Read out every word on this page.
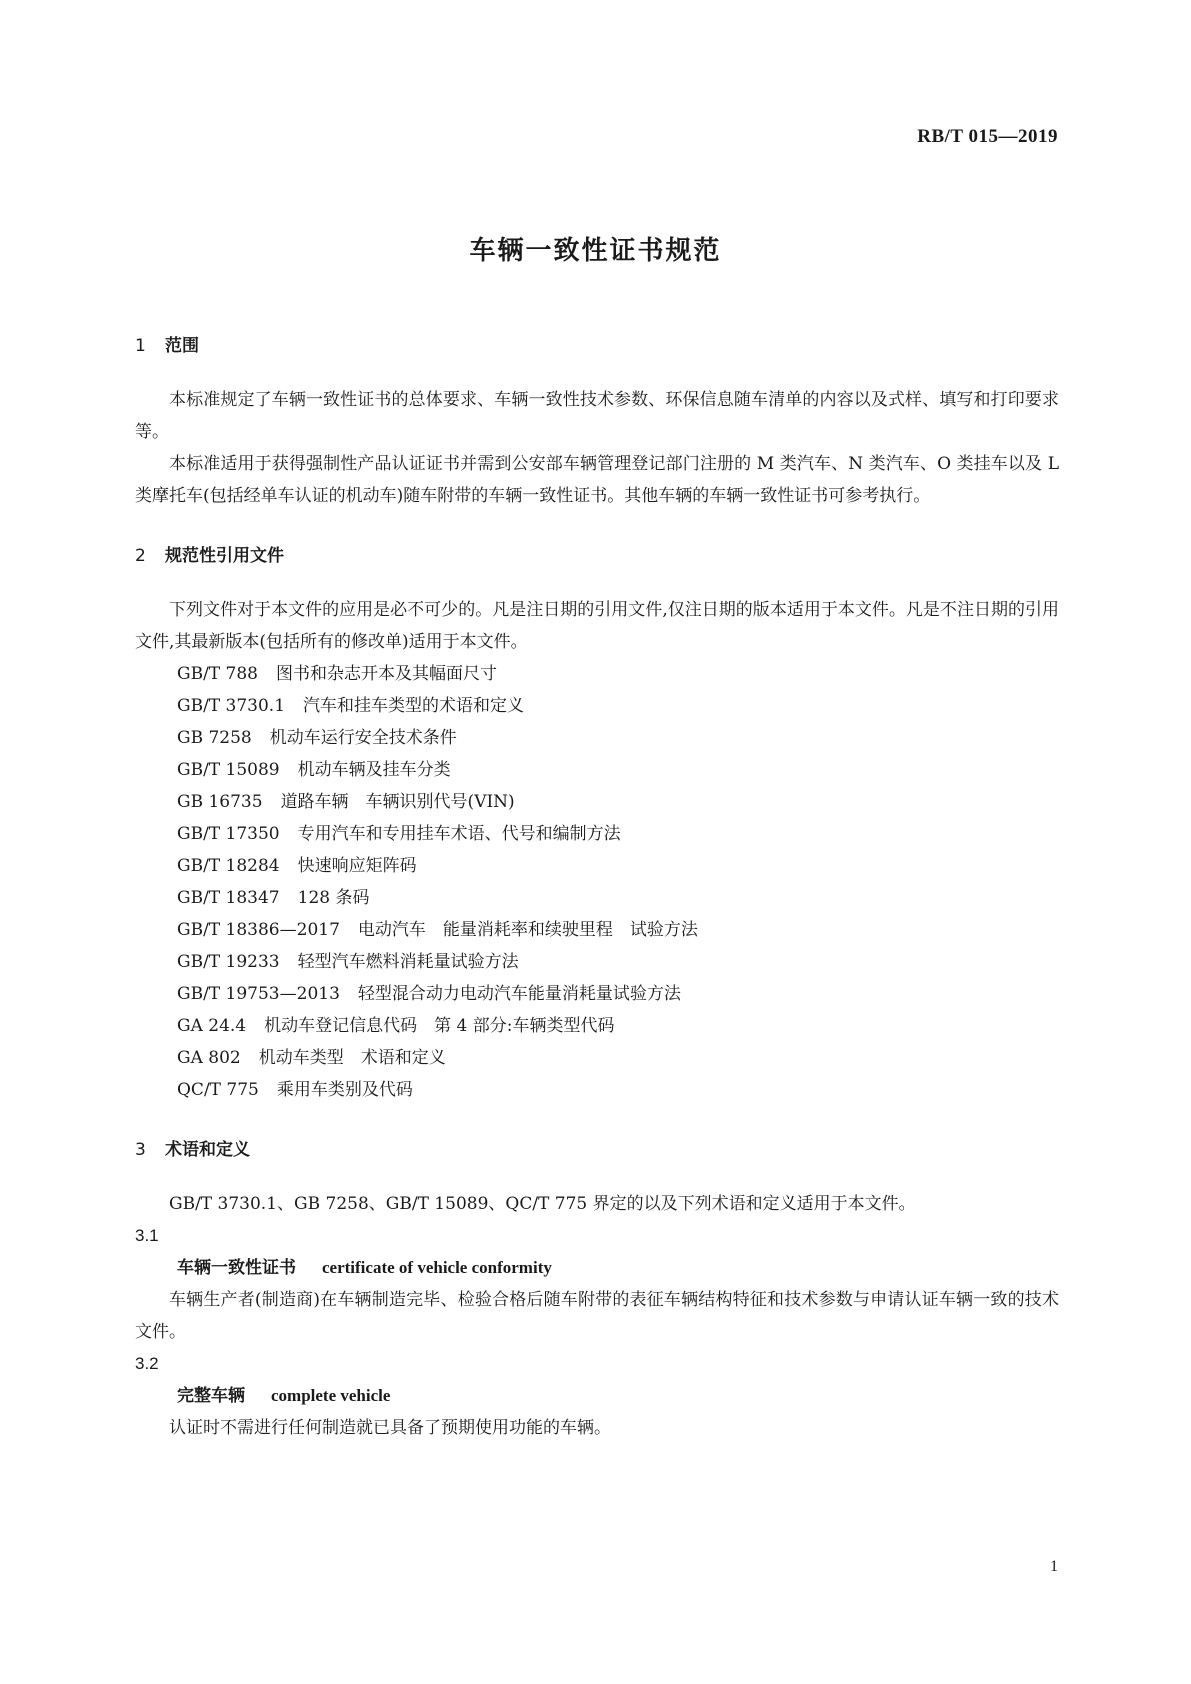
RB/T 015—2019
车辆一致性证书规范
1 范围

本标准规定了车辆一致性证书的总体要求、车辆一致性技术参数、环保信息随车清单的内容以及式样、填写和打印要求等。

本标准适用于获得强制性产品认证证书并需到公安部车辆管理登记部门注册的 M 类汽车、N 类汽车、O 类挂车以及 L 类摩托车(包括经单车认证的机动车)随车附带的车辆一致性证书。其他车辆的车辆一致性证书可参考执行。

2 规范性引用文件

下列文件对于本文件的应用是必不可少的。凡是注日期的引用文件,仅注日期的版本适用于本文件。凡是不注日期的引用文件,其最新版本(包括所有的修改单)适用于本文件。

GB/T 788 图书和杂志开本及其幅面尺寸
GB/T 3730.1 汽车和挂车类型的术语和定义
GB 7258 机动车运行安全技术条件
GB/T 15089 机动车辆及挂车分类
GB 16735 道路车辆　车辆识别代号(VIN)
GB/T 17350 专用汽车和专用挂车术语、代号和编制方法
GB/T 18284 快速响应矩阵码
GB/T 18347 128 条码
GB/T 18386—2017 电动汽车　能量消耗率和续驶里程　试验方法
GB/T 19233 轻型汽车燃料消耗量试验方法
GB/T 19753—2013 轻型混合动力电动汽车能量消耗量试验方法
GA 24.4 机动车登记信息代码　第 4 部分:车辆类型代码
GA 802 机动车类型　术语和定义
QC/T 775 乘用车类别及代码
3 术语和定义

GB/T 3730.1、GB 7258、GB/T 15089、QC/T 775 界定的以及下列术语和定义适用于本文件。

3.1
车辆一致性证书 certificate of vehicle conformity

车辆生产者(制造商)在车辆制造完毕、检验合格后随车附带的表征车辆结构特征和技术参数与申请认证车辆一致的技术文件。

3.2
完整车辆 complete vehicle

认证时不需进行任何制造就已具备了预期使用功能的车辆。

1
